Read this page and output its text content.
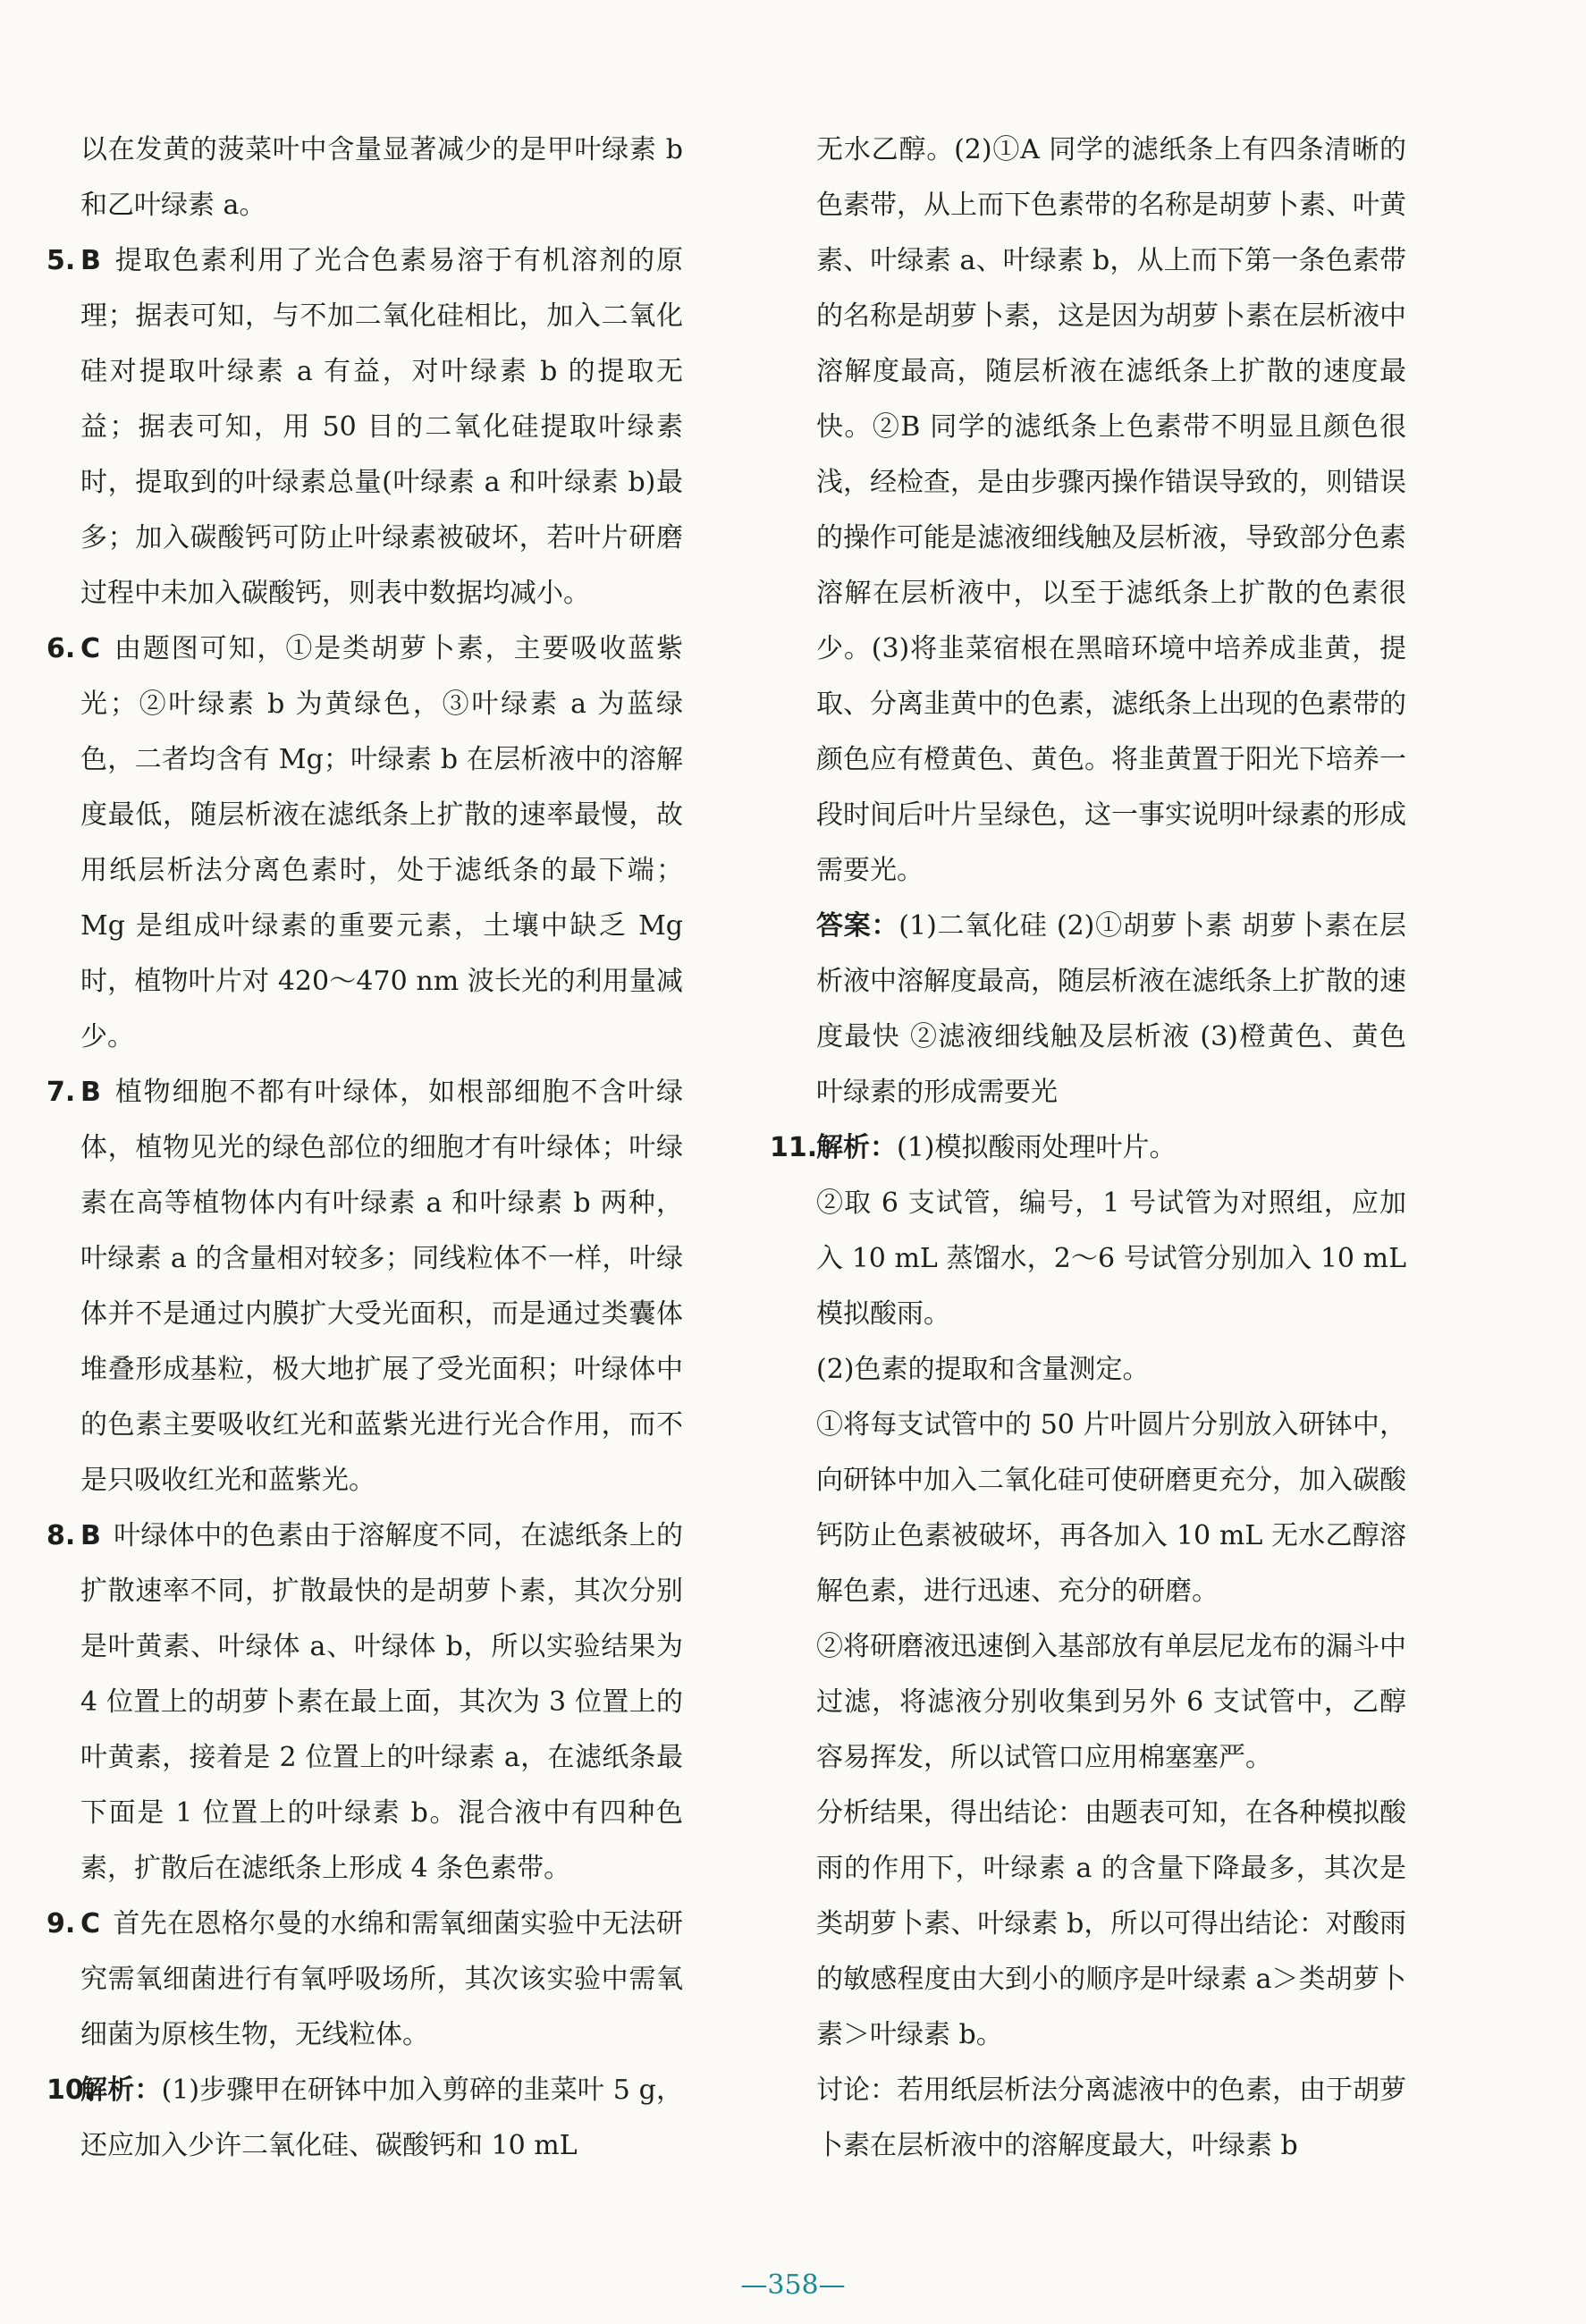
以在发黄的菠菜叶中含量显著减少的是甲叶绿素 b 和乙叶绿素 a。

5. B 提取色素利用了光合色素易溶于有机溶剂的原理；据表可知，与不加二氧化硅相比，加入二氧化硅对提取叶绿素 a 有益，对叶绿素 b 的提取无益；据表可知，用 50 目的二氧化硅提取叶绿素时，提取到的叶绿素总量(叶绿素 a 和叶绿素 b)最多；加入碳酸钙可防止叶绿素被破坏，若叶片研磨过程中未加入碳酸钙，则表中数据均减小。
6. C 由题图可知，①是类胡萝卜素，主要吸收蓝紫光；②叶绿素 b 为黄绿色，③叶绿素 a 为蓝绿色，二者均含有 Mg；叶绿素 b 在层析液中的溶解度最低，随层析液在滤纸条上扩散的速率最慢，故用纸层析法分离色素时，处于滤纸条的最下端；Mg 是组成叶绿素的重要元素，土壤中缺乏 Mg 时，植物叶片对 420～470 nm 波长光的利用量减少。
7. B 植物细胞不都有叶绿体，如根部细胞不含叶绿体，植物见光的绿色部位的细胞才有叶绿体；叶绿素在高等植物体内有叶绿素 a 和叶绿素 b 两种，叶绿素 a 的含量相对较多；同线粒体不一样，叶绿体并不是通过内膜扩大受光面积，而是通过类囊体堆叠形成基粒，极大地扩展了受光面积；叶绿体中的色素主要吸收红光和蓝紫光进行光合作用，而不是只吸收红光和蓝紫光。
8. B 叶绿体中的色素由于溶解度不同，在滤纸条上的扩散速率不同，扩散最快的是胡萝卜素，其次分别是叶黄素、叶绿体 a、叶绿体 b，所以实验结果为 4 位置上的胡萝卜素在最上面，其次为 3 位置上的叶黄素，接着是 2 位置上的叶绿素 a，在滤纸条最下面是 1 位置上的叶绿素 b。混合液中有四种色素，扩散后在滤纸条上形成 4 条色素带。
9. C 首先在恩格尔曼的水绵和需氧细菌实验中无法研究需氧细菌进行有氧呼吸场所，其次该实验中需氧细菌为原核生物，无线粒体。
10.
解析：(1)步骤甲在研钵中加入剪碎的韭菜叶 5 g，还应加入少许二氧化硅、碳酸钙和 10 mL

无水乙醇。(2)①A 同学的滤纸条上有四条清晰的色素带，从上而下色素带的名称是胡萝卜素、叶黄素、叶绿素 a、叶绿素 b，从上而下第一条色素带的名称是胡萝卜素，这是因为胡萝卜素在层析液中溶解度最高，随层析液在滤纸条上扩散的速度最快。②B 同学的滤纸条上色素带不明显且颜色很浅，经检查，是由步骤丙操作错误导致的，则错误的操作可能是滤液细线触及层析液，导致部分色素溶解在层析液中，以至于滤纸条上扩散的色素很少。(3)将韭菜宿根在黑暗环境中培养成韭黄，提取、分离韭黄中的色素，滤纸条上出现的色素带的颜色应有橙黄色、黄色。将韭黄置于阳光下培养一段时间后叶片呈绿色，这一事实说明叶绿素的形成需要光。

答案：(1)二氧化硅 (2)①胡萝卜素 胡萝卜素在层析液中溶解度最高，随层析液在滤纸条上扩散的速度最快 ②滤液细线触及层析液 (3)橙黄色、黄色 叶绿素的形成需要光

11.
解析：(1)模拟酸雨处理叶片。

②取 6 支试管，编号，1 号试管为对照组，应加入 10 mL 蒸馏水，2～6 号试管分别加入 10 mL 模拟酸雨。

(2)色素的提取和含量测定。

①将每支试管中的 50 片叶圆片分别放入研钵中，向研钵中加入二氧化硅可使研磨更充分，加入碳酸钙防止色素被破坏，再各加入 10 mL 无水乙醇溶解色素，进行迅速、充分的研磨。

②将研磨液迅速倒入基部放有单层尼龙布的漏斗中过滤，将滤液分别收集到另外 6 支试管中，乙醇容易挥发，所以试管口应用棉塞塞严。

分析结果，得出结论：由题表可知，在各种模拟酸雨的作用下，叶绿素 a 的含量下降最多，其次是类胡萝卜素、叶绿素 b，所以可得出结论：对酸雨的敏感程度由大到小的顺序是叶绿素 a＞类胡萝卜素＞叶绿素 b。

讨论：若用纸层析法分离滤液中的色素，由于胡萝卜素在层析液中的溶解度最大，叶绿素 b

—358—
